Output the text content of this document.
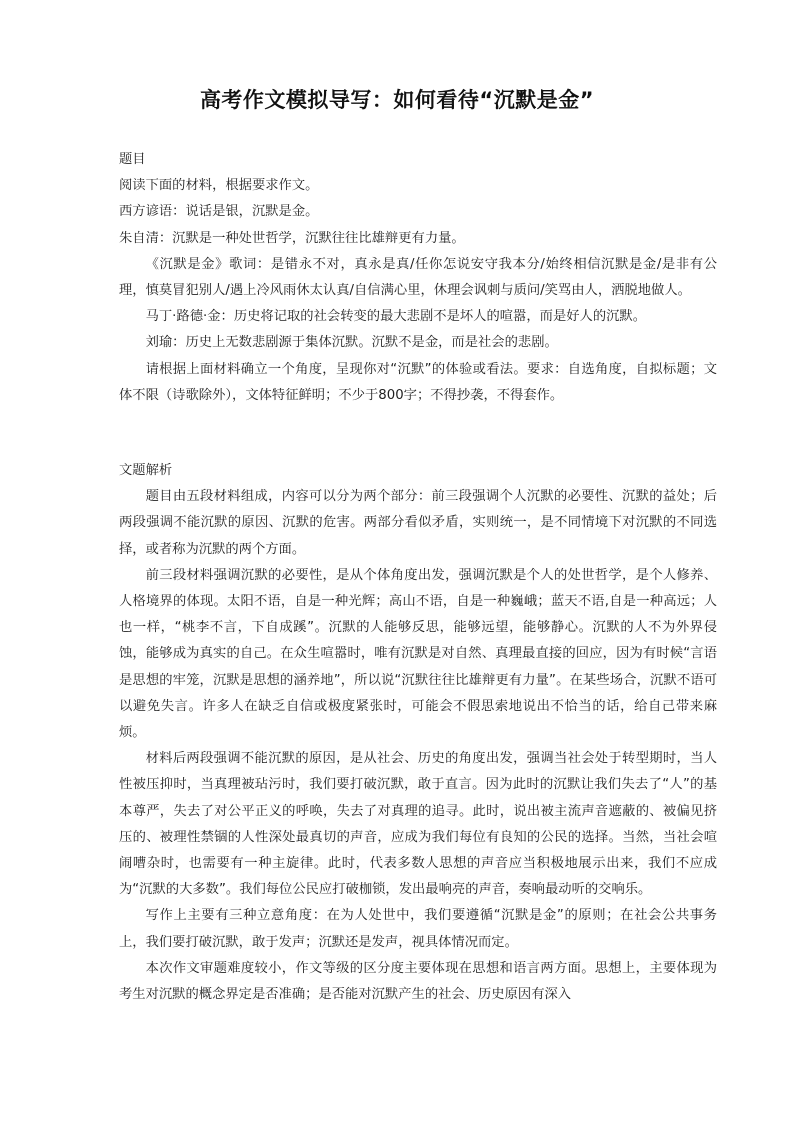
高考作文模拟导写：如何看待“沉默是金”

题目

阅读下面的材料，根据要求作文。

西方谚语：说话是银，沉默是金。

朱自清：沉默是一种处世哲学，沉默往往比雄辩更有力量。

《沉默是金》歌词：是错永不对，真永是真/任你怎说安守我本分/始终相信沉默是金/是非有公理，慎莫冒犯别人/遇上冷风雨休太认真/自信满心里，休理会讽刺与质问/笑骂由人，洒脱地做人。

马丁·路德·金：历史将记取的社会转变的最大悲剧不是坏人的喧嚣，而是好人的沉默。

刘瑜：历史上无数悲剧源于集体沉默。沉默不是金，而是社会的悲剧。

请根据上面材料确立一个角度，呈现你对“沉默”的体验或看法。要求：自选角度，自拟标题；文体不限（诗歌除外），文体特征鲜明；不少于800字；不得抄袭，不得套作。

文题解析

题目由五段材料组成，内容可以分为两个部分：前三段强调个人沉默的必要性、沉默的益处；后两段强调不能沉默的原因、沉默的危害。两部分看似矛盾，实则统一，是不同情境下对沉默的不同选择，或者称为沉默的两个方面。

前三段材料强调沉默的必要性，是从个体角度出发，强调沉默是个人的处世哲学，是个人修养、人格境界的体现。太阳不语，自是一种光辉；高山不语，自是一种巍峨；蓝天不语,自是一种高远；人也一样，“桃李不言，下自成蹊”。沉默的人能够反思，能够远望，能够静心。沉默的人不为外界侵蚀，能够成为真实的自己。在众生喧嚣时，唯有沉默是对自然、真理最直接的回应，因为有时候“言语是思想的牢笼，沉默是思想的涵养地”，所以说“沉默往往比雄辩更有力量”。在某些场合，沉默不语可以避免失言。许多人在缺乏自信或极度紧张时，可能会不假思索地说出不恰当的话，给自己带来麻烦。

材料后两段强调不能沉默的原因，是从社会、历史的角度出发，强调当社会处于转型期时，当人性被压抑时，当真理被玷污时，我们要打破沉默，敢于直言。因为此时的沉默让我们失去了“人”的基本尊严，失去了对公平正义的呼唤，失去了对真理的追寻。此时，说出被主流声音遮蔽的、被偏见挤压的、被理性禁锢的人性深处最真切的声音，应成为我们每位有良知的公民的选择。当然，当社会喧闹嘈杂时，也需要有一种主旋律。此时，代表多数人思想的声音应当积极地展示出来，我们不应成为“沉默的大多数”。我们每位公民应打破枷锁，发出最响亮的声音，奏响最动听的交响乐。

写作上主要有三种立意角度：在为人处世中，我们要遵循“沉默是金”的原则；在社会公共事务上，我们要打破沉默，敢于发声；沉默还是发声，视具体情况而定。

本次作文审题难度较小，作文等级的区分度主要体现在思想和语言两方面。思想上，主要体现为考生对沉默的概念界定是否准确；是否能对沉默产生的社会、历史原因有深入
